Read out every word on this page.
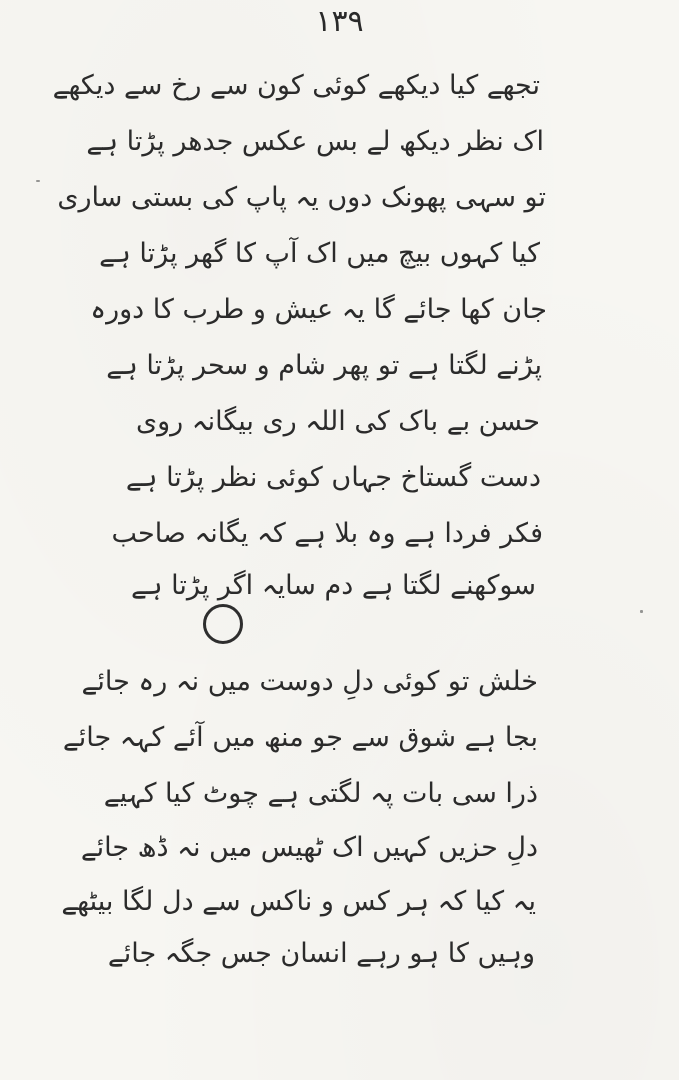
۱۳۹
تجھے کیا دیکھے کوئی کون سے رخ سے دیکھے
اک نظر دیکھ لے بس عکس جدھر پڑتا ہے
تو سہی پھونک دوں یہ پاپ کی بستی ساری
کیا کہوں بیچ میں اک آپ کا گھر پڑتا ہے
جان کھا جائے گا یہ عیش و طرب کا دورہ
پڑنے لگتا ہے تو پھر شام و سحر پڑتا ہے
حسن بے باک کی اللہ ری بیگانہ روی
دست گستاخ جہاں کوئی نظر پڑتا ہے
فکر فردا ہے وہ بلا ہے کہ یگانہ صاحب
سوکھنے لگتا ہے دم سایہ اگر پڑتا ہے
خلش تو کوئی دلِ دوست میں نہ رہ جائے
بجا ہے شوق سے جو منھ میں آئے کہہ جائے
ذرا سی بات پہ لگتی ہے چوٹ کیا کہیے
دلِ حزیں کہیں اک ٹھیس میں نہ ڈھ جائے
یہ کیا کہ ہر کس و ناکس سے دل لگا بیٹھے
وہیں کا ہو رہے انسان جس جگہ جائے
